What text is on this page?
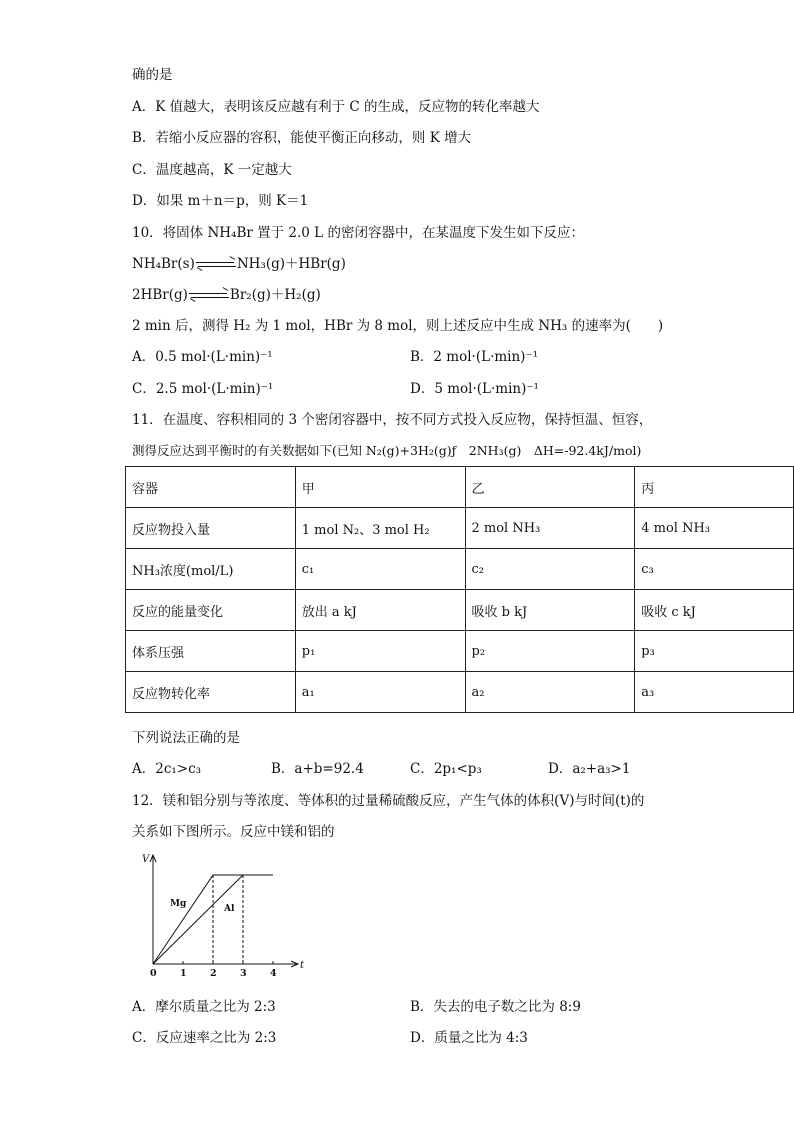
确的是
A．K 值越大，表明该反应越有利于 C 的生成，反应物的转化率越大
B．若缩小反应器的容积，能使平衡正向移动，则 K 增大
C．温度越高，K 一定越大
D．如果 m＋n＝p，则 K＝1
10．将固体 NH₄Br 置于 2.0 L 的密闭容器中，在某温度下发生如下反应：
NH₄Br(s)	NH₃(g)＋HBr(g)
2HBr(g)	Br₂(g)＋H₂(g)
2 min 后，测得 H₂ 为 1 mol，HBr 为 8 mol，则上述反应中生成 NH₃ 的速率为(　　)
A．0.5 mol·(L·min)⁻¹	B．2 mol·(L·min)⁻¹
C．2.5 mol·(L·min)⁻¹	D．5 mol·(L·min)⁻¹
11．在温度、容积相同的 3 个密闭容器中，按不同方式投入反应物，保持恒温、恒容，
测得反应达到平衡时的有关数据如下(已知 N₂(g)+3H₂(g)ƒ　2NH₃(g)　ΔH=-92.4kJ/mol)
容器	甲	乙	丙
反应物投入量	1 mol N₂、3 mol H₂	2 mol NH₃	4 mol NH₃
NH₃浓度(mol/L)	c₁	c₂	c₃
反应的能量变化	放出 a kJ	吸收 b kJ	吸收 c kJ
体系压强	p₁	p₂	p₃
反应物转化率	a₁	a₂	a₃
下列说法正确的是
A．2c₁>c₃	B．a+b=92.4	C．2p₁<p₃	D．a₂+a₃>1
12．镁和铝分别与等浓度、等体积的过量稀硫酸反应，产生气体的体积(V)与时间(t)的
关系如下图所示。反应中镁和铝的
V
t
0 1 2 3 4
Mg	Al
A．摩尔质量之比为 2:3	B．失去的电子数之比为 8:9
C．反应速率之比为 2:3	D．质量之比为 4:3
